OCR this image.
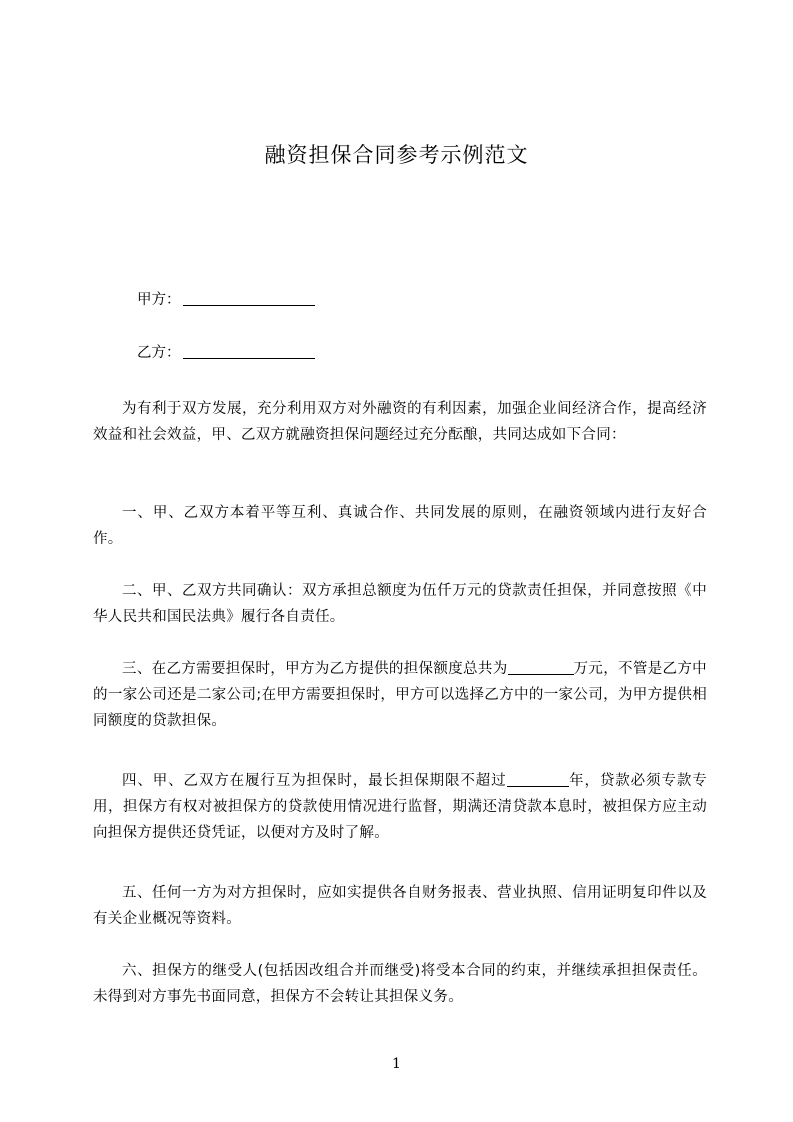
融资担保合同参考示例范文
甲方：
乙方：
为有利于双方发展，充分利用双方对外融资的有利因素，加强企业间经济合作，提高经济效益和社会效益，甲、乙双方就融资担保问题经过充分酝酿，共同达成如下合同：
一、甲、乙双方本着平等互利、真诚合作、共同发展的原则，在融资领域内进行友好合作。
二、甲、乙双方共同确认：双方承担总额度为伍仟万元的贷款责任担保，并同意按照《中华人民共和国民法典》履行各自责任。
三、在乙方需要担保时，甲方为乙方提供的担保额度总共为	万元，不管是乙方中的一家公司还是二家公司;在甲方需要担保时，甲方可以选择乙方中的一家公司，为甲方提供相同额度的贷款担保。
四、甲、乙双方在履行互为担保时，最长担保期限不超过	年，贷款必须专款专用，担保方有权对被担保方的贷款使用情况进行监督，期满还清贷款本息时，被担保方应主动向担保方提供还贷凭证，以便对方及时了解。
五、任何一方为对方担保时，应如实提供各自财务报表、营业执照、信用证明复印件以及有关企业概况等资料。
六、担保方的继受人(包括因改组合并而继受)将受本合同的约束，并继续承担担保责任。未得到对方事先书面同意，担保方不会转让其担保义务。
1
